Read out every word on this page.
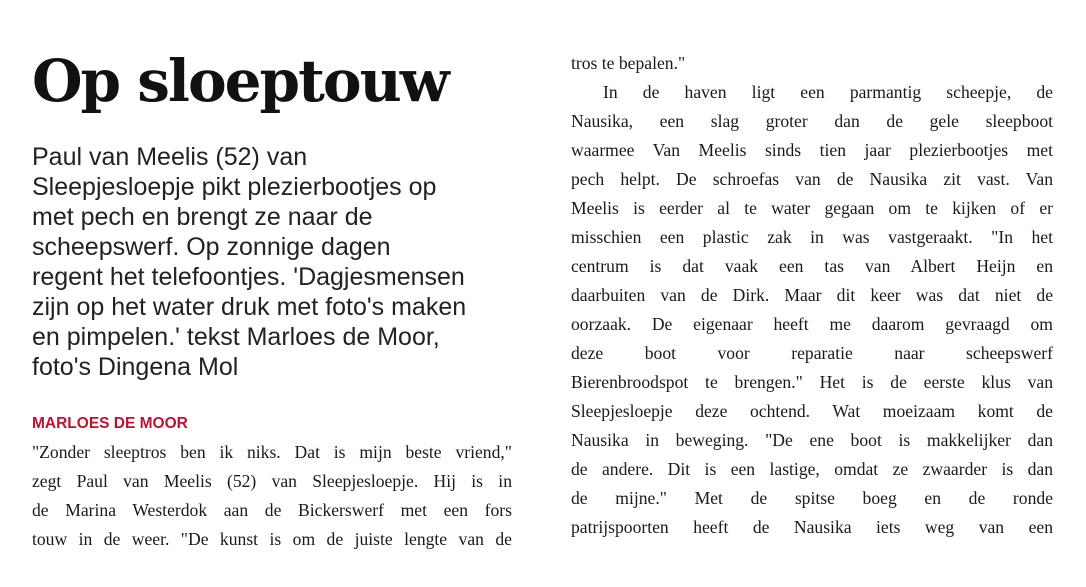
Op sloeptouw

Paul van Meelis (52) van

Sleepjesloepje pikt plezierbootjes op

met pech en brengt ze naar de

scheepswerf. Op zonnige dagen

regent het telefoontjes. 'Dagjesmensen

zijn op het water druk met foto's maken

en pimpelen.' tekst Marloes de Moor,

foto's Dingena Mol

MARLOES DE MOOR
"Zonder sleeptros ben ik niks. Dat is mijn beste vriend,"
zegt Paul van Meelis (52) van Sleepjesloepje. Hij is in
de Marina Westerdok aan de Bickerswerf met een fors
touw in de weer. "De kunst is om de juiste lengte van de
tros te bepalen."
In de haven ligt een parmantig scheepje, de
Nausika, een slag groter dan de gele sleepboot
waarmee Van Meelis sinds tien jaar plezierbootjes met
pech helpt. De schroefas van de Nausika zit vast. Van
Meelis is eerder al te water gegaan om te kijken of er
misschien een plastic zak in was vastgeraakt. "In het
centrum is dat vaak een tas van Albert Heijn en
daarbuiten van de Dirk. Maar dit keer was dat niet de
oorzaak. De eigenaar heeft me daarom gevraagd om
deze boot voor reparatie naar scheepswerf
Bierenbroodspot te brengen." Het is de eerste klus van
Sleepjesloepje deze ochtend. Wat moeizaam komt de
Nausika in beweging. "De ene boot is makkelijker dan
de andere. Dit is een lastige, omdat ze zwaarder is dan
de mijne." Met de spitse boeg en de ronde
patrijspoorten heeft de Nausika iets weg van een
